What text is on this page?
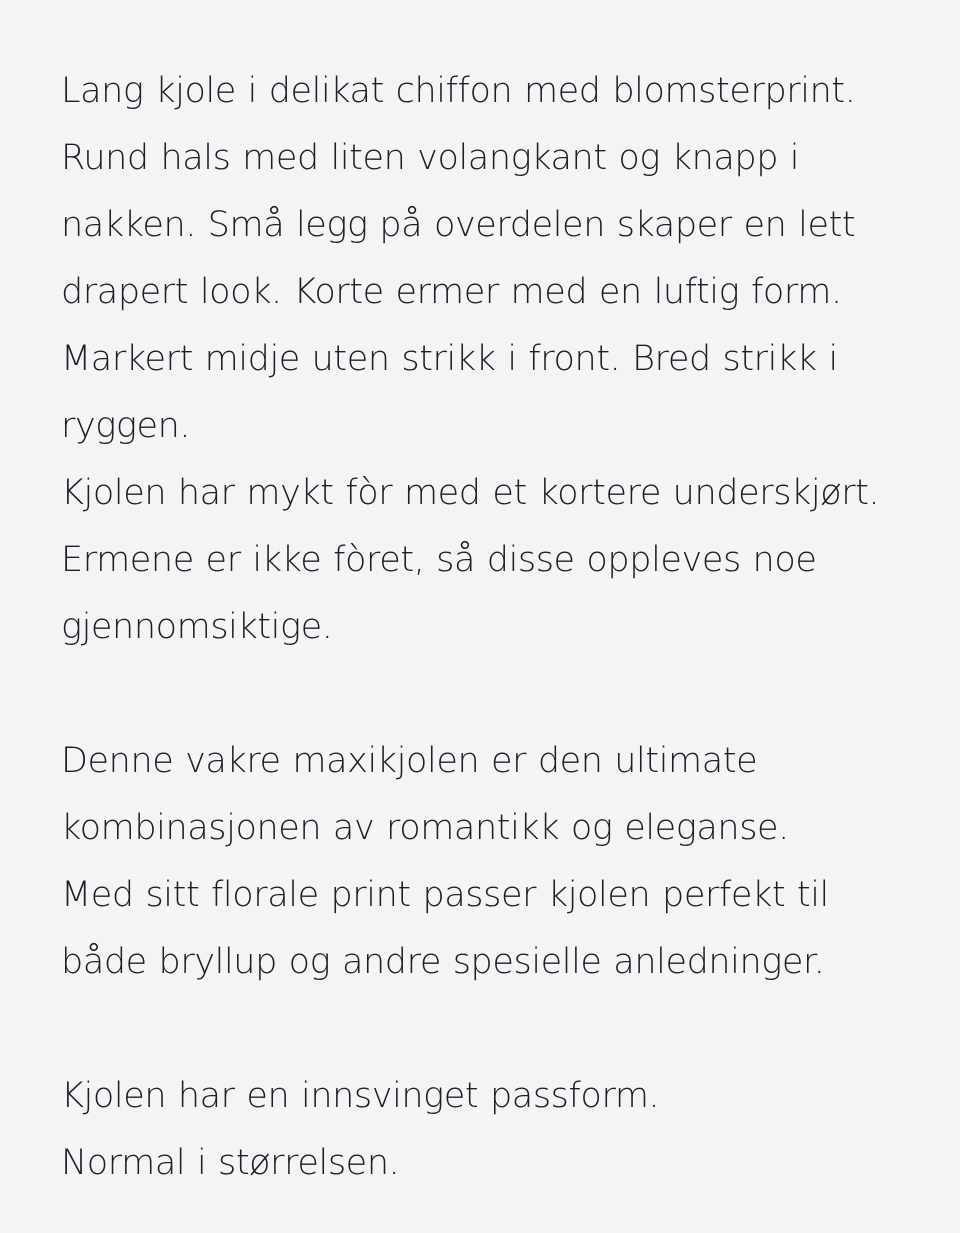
Lang kjole i delikat chiffon med blomsterprint.
Rund hals med liten volangkant og knapp i
nakken. Små legg på overdelen skaper en lett
drapert look. Korte ermer med en luftig form.
Markert midje uten strikk i front. Bred strikk i
ryggen.
Kjolen har mykt fòr med et kortere underskjørt.
Ermene er ikke fòret, så disse oppleves noe
gjennomsiktige.
Denne vakre maxikjolen er den ultimate
kombinasjonen av romantikk og eleganse.
Med sitt florale print passer kjolen perfekt til
både bryllup og andre spesielle anledninger.
Kjolen har en innsvinget passform.
Normal i størrelsen.
